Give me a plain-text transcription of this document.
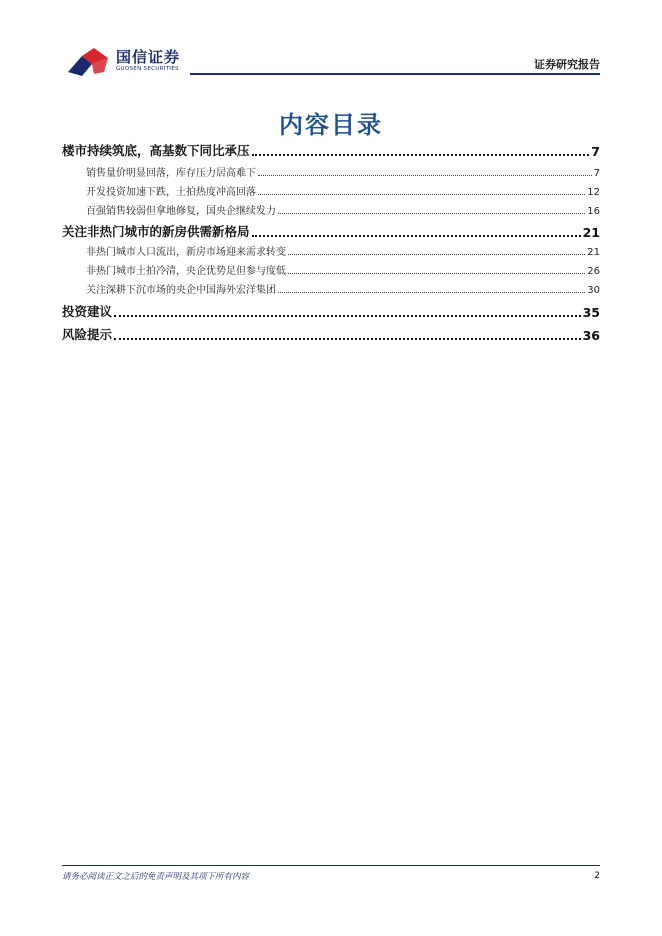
国信证券
GUOSEN SECURITIES	证券研究报告
内容目录
楼市持续筑底，高基数下同比承压	7
销售量价明显回落，库存压力居高难下	7
开发投资加速下跌，土拍热度冲高回落	12
百强销售较弱但拿地修复，国央企继续发力	16
关注非热门城市的新房供需新格局	21
非热门城市人口流出，新房市场迎来需求转变	21
非热门城市土拍冷清，央企优势足但参与度低	26
关注深耕下沉市场的央企中国海外宏洋集团	30
投资建议	35
风险提示	36
请务必阅读正文之后的免责声明及其项下所有内容	2
